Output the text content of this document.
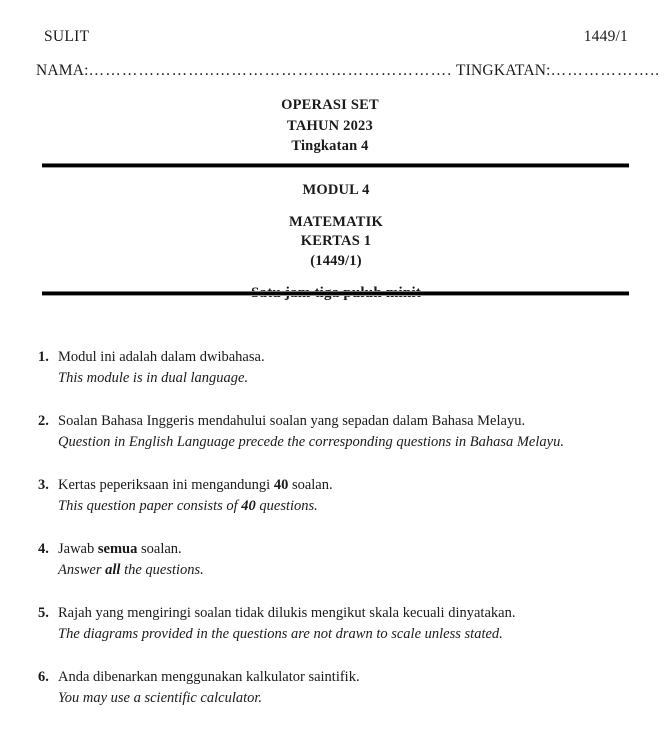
SULIT	1449/1
NAMA:…………………..……………………………………. TINGKATAN:………………..
OPERASI SET
TAHUN 2023
Tingkatan 4
MODUL 4
MATEMATIK
KERTAS 1
(1449/1)
1. Modul ini adalah dalam dwibahasa.
This module is in dual language.
2. Soalan Bahasa Inggeris mendahului soalan yang sepadan dalam Bahasa Melayu.
Question in English Language precede the corresponding questions in Bahasa Melayu.
3. Kertas peperiksaan ini mengandungi 40 soalan.
This question paper consists of 40 questions.
4. Jawab semua soalan.
Answer all the questions.
5. Rajah yang mengiringi soalan tidak dilukis mengikut skala kecuali dinyatakan.
The diagrams provided in the questions are not drawn to scale unless stated.
6. Anda dibenarkan menggunakan kalkulator saintifik.
You may use a scientific calculator.
